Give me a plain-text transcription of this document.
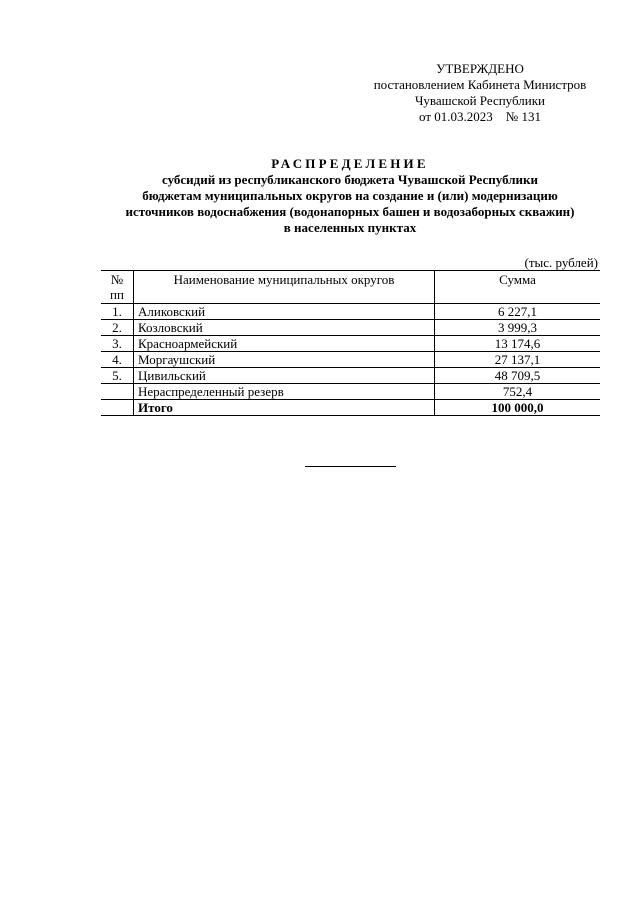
УТВЕРЖДЕНО
постановлением Кабинета Министров
Чувашской Республики
от 01.03.2023    № 131
РАСПРЕДЕЛЕНИЕ
субсидий из республиканского бюджета Чувашской Республики
бюджетам муниципальных округов на создание и (или) модернизацию
источников водоснабжения (водонапорных башен и водозаборных скважин)
в населенных пунктах
(тыс. рублей)
№ пп	Наименование муниципальных округов	Сумма
1.	Аликовский	6 227,1
2.	Козловский	3 999,3
3.	Красноармейский	13 174,6
4.	Моргаушский	27 137,1
5.	Цивильский	48 709,5
	Нераспределенный резерв	752,4
	Итого	100 000,0
